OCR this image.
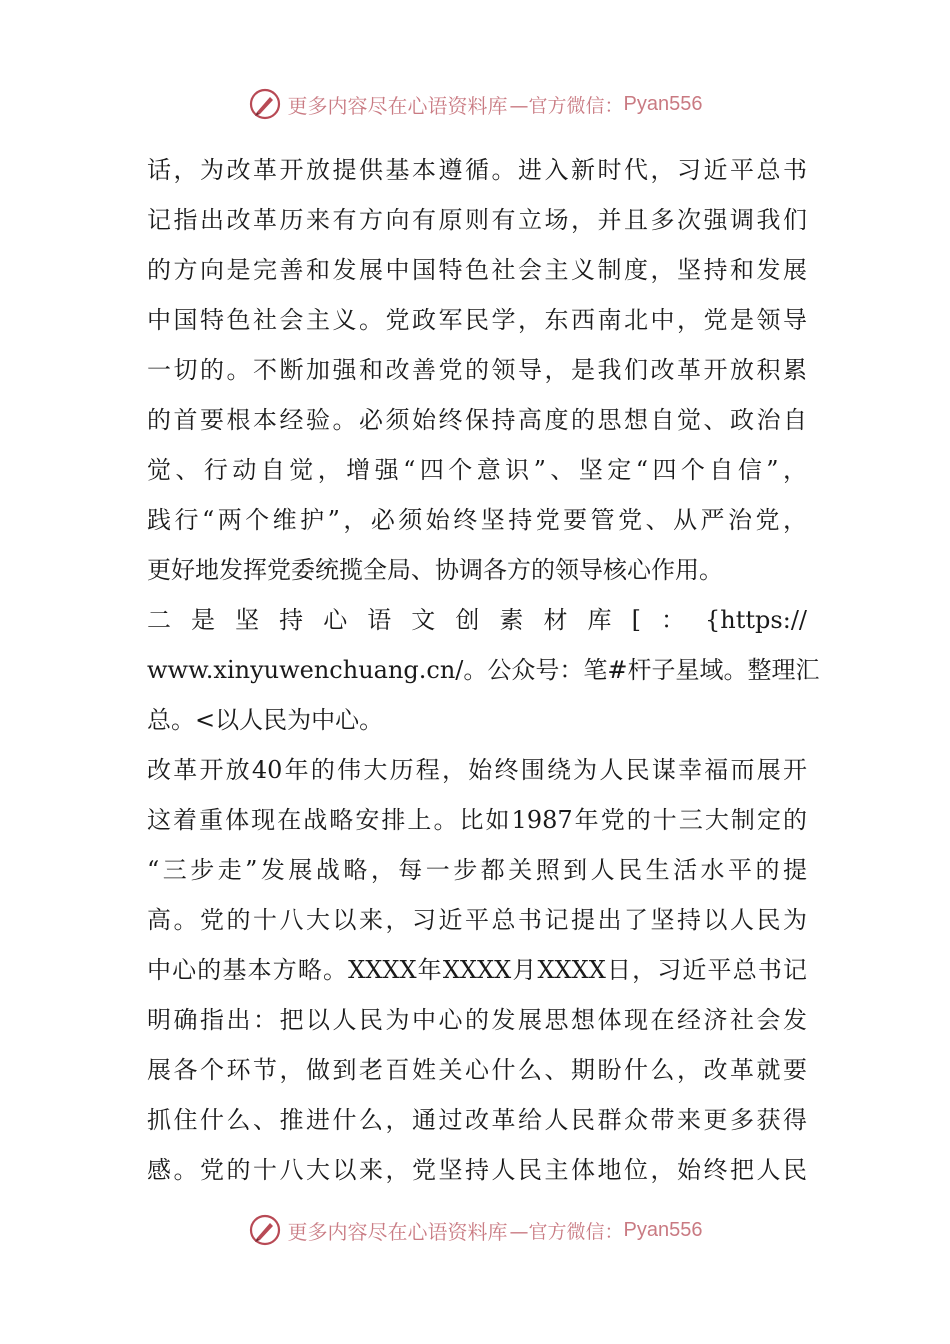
更多内容尽在心语资料库 —官方微信： Pyan556
话，为改革开放提供基本遵循。进入新时代，习近平总书
记指出改革历来有方向有原则有立场，并且多次强调我们
的方向是完善和发展中国特色社会主义制度，坚持和发展
中国特色社会主义。党政军民学，东西南北中，党是领导
一切的。不断加强和改善党的领导，是我们改革开放积累
的首要根本经验。必须始终保持高度的思想自觉、政治自
觉、行动自觉，增强“四个意识”、坚定“四个自信”，
践行“两个维护”，必须始终坚持党要管党、从严治党，
更好地发挥党委统揽全局、协调各方的领导核心作用。
二是坚持心语文创素材库[：{https://
www.xinyuwenchuang.cn/。公众号：笔#杆子星域。整理汇
总。<以人民为中心。
改革开放40年的伟大历程，始终围绕为人民谋幸福而展开
这着重体现在战略安排上。比如1987年党的十三大制定的
“三步走”发展战略，每一步都关照到人民生活水平的提
高。党的十八大以来，习近平总书记提出了坚持以人民为
中心的基本方略。XXXX年XXXX月XXXX日，习近平总书记
明确指出：把以人民为中心的发展思想体现在经济社会发
展各个环节，做到老百姓关心什么、期盼什么，改革就要
抓住什么、推进什么，通过改革给人民群众带来更多获得
感。党的十八大以来，党坚持人民主体地位，始终把人民
更多内容尽在心语资料库 —官方微信： Pyan556
